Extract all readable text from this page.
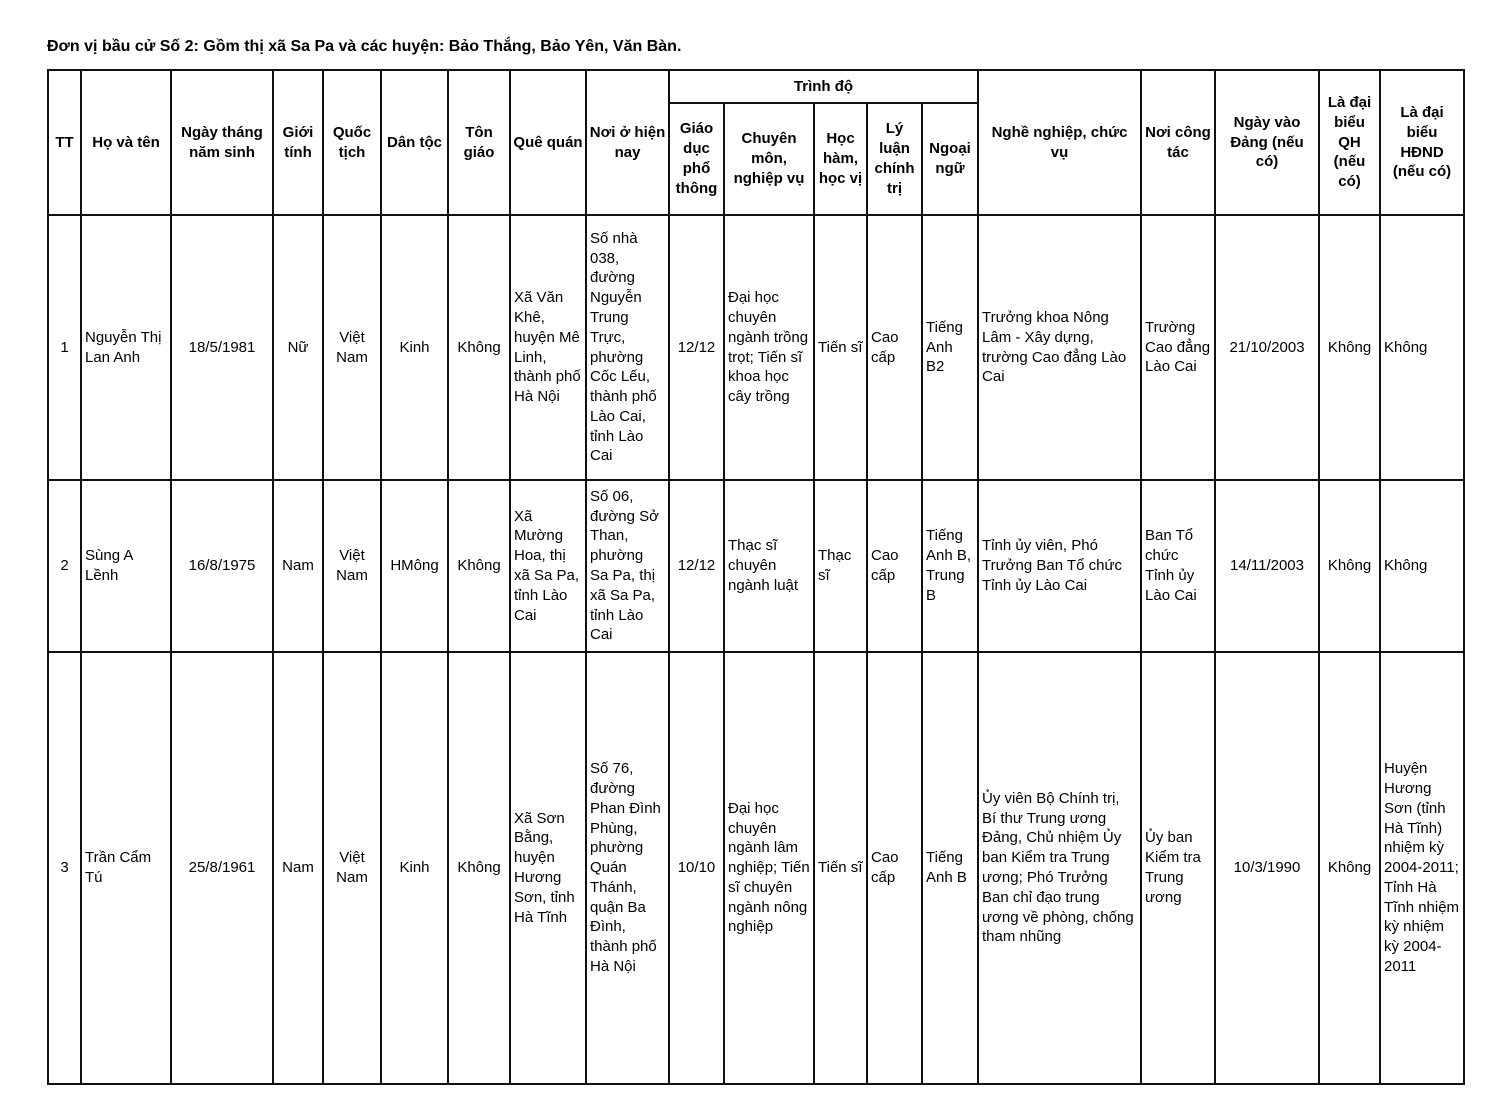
Đơn vị bầu cử Số 2: Gồm thị xã Sa Pa và các huyện: Bảo Thắng, Bảo Yên, Văn Bàn.

TT	Họ và tên	Ngày tháng năm sinh	Giới tính	Quốc tịch	Dân tộc	Tôn giáo	Quê quán	Nơi ở hiện nay	Trình độ					Nghề nghiệp, chức vụ	Nơi công tác	Ngày vào Đảng (nếu có)	Là đại biểu QH (nếu có)	Là đại biểu HĐND (nếu có)
									Giáo dục phổ thông	Chuyên môn, nghiệp vụ	Học hàm, học vị	Lý luận chính trị	Ngoại ngữ					
1	Nguyễn Thị Lan Anh	18/5/1981	Nữ	Việt Nam	Kinh	Không	Xã Văn Khê, huyện Mê Linh, thành phố Hà Nội	Số nhà 038, đường Nguyễn Trung Trực, phường Cốc Lếu, thành phố Lào Cai, tỉnh Lào Cai	12/12	Đại học chuyên ngành trồng trọt; Tiến sĩ khoa học cây trồng	Tiến sĩ	Cao cấp	Tiếng Anh B2	Trưởng khoa Nông Lâm - Xây dựng, trường Cao đẳng Lào Cai	Trường Cao đẳng Lào Cai	21/10/2003	Không	Không
2	Sùng A Lềnh	16/8/1975	Nam	Việt Nam	HMông	Không	Xã Mường Hoa, thị xã Sa Pa, tỉnh Lào Cai	Số 06, đường Sở Than, phường Sa Pa, thị xã Sa Pa, tỉnh Lào Cai	12/12	Thạc sĩ chuyên ngành luật	Thạc sĩ	Cao cấp	Tiếng Anh B, Trung B	Tỉnh ủy viên, Phó Trưởng Ban Tổ chức Tỉnh ủy Lào Cai	Ban Tổ chức Tỉnh ủy Lào Cai	14/11/2003	Không	Không
3	Trần Cẩm Tú	25/8/1961	Nam	Việt Nam	Kinh	Không	Xã Sơn Bằng, huyện Hương Sơn, tỉnh Hà Tĩnh	Số 76, đường Phan Đình Phùng, phường Quán Thánh, quận Ba Đình, thành phố Hà Nội	10/10	Đại học chuyên ngành lâm nghiệp; Tiến sĩ chuyên ngành nông nghiệp	Tiến sĩ	Cao cấp	Tiếng Anh B	Ủy viên Bộ Chính trị, Bí thư Trung ương Đảng, Chủ nhiệm Ủy ban Kiểm tra Trung ương; Phó Trưởng Ban chỉ đạo trung ương về phòng, chống tham nhũng	Ủy ban Kiểm tra Trung ương	10/3/1990	Không	Huyện Hương Sơn (tỉnh Hà Tĩnh) nhiệm kỳ 2004-2011; Tỉnh Hà Tĩnh nhiệm kỳ nhiệm kỳ 2004-2011
